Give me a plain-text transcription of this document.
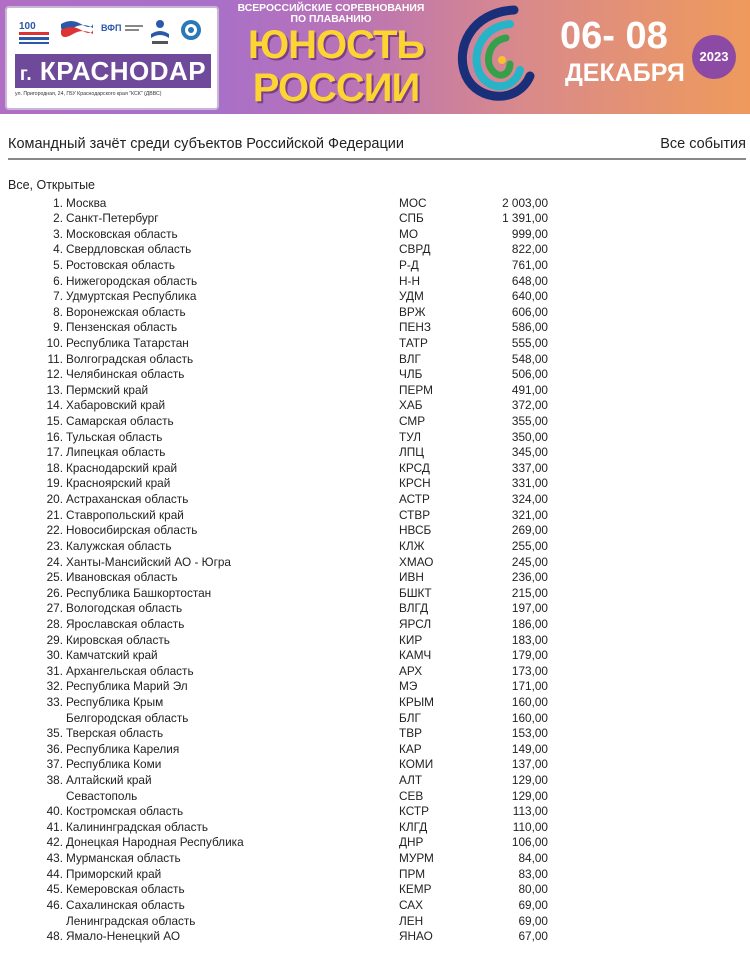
100	ВФП
г. КРАСНОDАР
ул. Пригородная, 24, ГБУ Краснодарского края "КСК" (ДВВС)
ВСЕРОССИЙСКИЕ СОРЕВНОВАНИЯ ПО ПЛАВАНИЮ
ЮНОСТЬ
РОССИИ
06- 08
ДЕКАБРЯ
2023
Командный зачёт среди субъектов Российской Федерации	Все события
Все, Открытые
1. Москва	МОС	2 003,00
2. Санкт-Петербург	СПБ	1 391,00
3. Московская область	МО	999,00
4. Свердловская область	СВРД	822,00
5. Ростовская область	Р-Д	761,00
6. Нижегородская область	Н-Н	648,00
7. Удмуртская Республика	УДМ	640,00
8. Воронежская область	ВРЖ	606,00
9. Пензенская область	ПЕНЗ	586,00
10. Республика Татарстан	ТАТР	555,00
11. Волгоградская область	ВЛГ	548,00
12. Челябинская область	ЧЛБ	506,00
13. Пермский край	ПЕРМ	491,00
14. Хабаровский край	ХАБ	372,00
15. Самарская область	СМР	355,00
16. Тульская область	ТУЛ	350,00
17. Липецкая область	ЛПЦ	345,00
18. Краснодарский край	КРСД	337,00
19. Красноярский край	КРСН	331,00
20. Астраханская область	АСТР	324,00
21. Ставропольский край	СТВР	321,00
22. Новосибирская область	НВСБ	269,00
23. Калужская область	КЛЖ	255,00
24. Ханты-Мансийский АО - Югра	ХМАО	245,00
25. Ивановская область	ИВН	236,00
26. Республика Башкортостан	БШКТ	215,00
27. Вологодская область	ВЛГД	197,00
28. Ярославская область	ЯРСЛ	186,00
29. Кировская область	КИР	183,00
30. Камчатский край	КАМЧ	179,00
31. Архангельская область	АРХ	173,00
32. Республика Марий Эл	МЭ	171,00
33. Республика Крым	КРЫМ	160,00
Белгородская область	БЛГ	160,00
35. Тверская область	ТВР	153,00
36. Республика Карелия	КАР	149,00
37. Республика Коми	КОМИ	137,00
38. Алтайский край	АЛТ	129,00
Севастополь	СЕВ	129,00
40. Костромская область	КСТР	113,00
41. Калининградская область	КЛГД	110,00
42. Донецкая Народная Республика	ДНР	106,00
43. Мурманская область	МУРМ	84,00
44. Приморский край	ПРМ	83,00
45. Кемеровская область	КЕМР	80,00
46. Сахалинская область	САХ	69,00
Ленинградская область	ЛЕН	69,00
48. Ямало-Ненецкий АО	ЯНАО	67,00
